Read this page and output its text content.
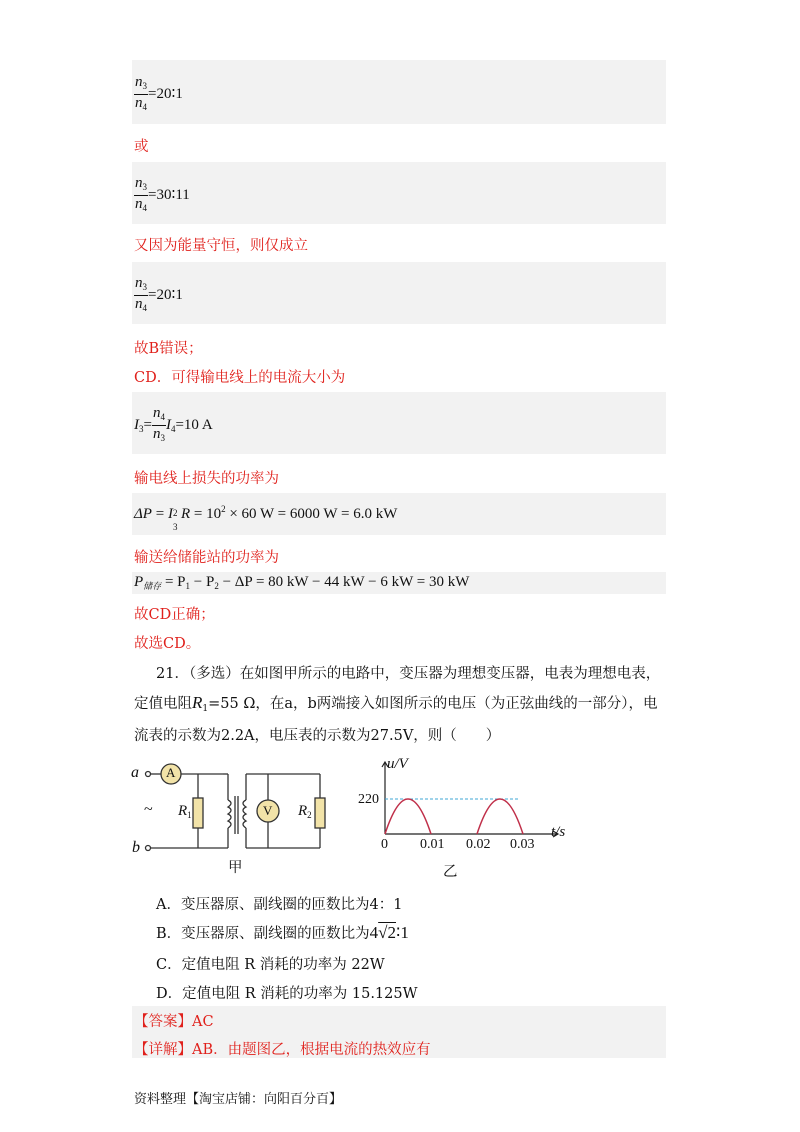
$\frac{n_3}{n_4}$ =20∶1
或
$\frac{n_3}{n_4}$ =30∶11
又因为能量守恒，则仅成立
$\frac{n_3}{n_4}$ =20∶1
故B错误；
CD．可得输电线上的电流大小为
$I_3= \frac{n_4}{n_3} I_4=10$ A
输电线上损失的功率为
ΔP = I 2
3
$R = 10^2 \times 60$ W = 6000 W = 6.0 kW
输送给储能站的功率为
$P_{储存} = P_1 - P_2 - \Delta P = 80$ kW − 44 kW − 6 kW = 30 kW
故CD正确；
故选CD。
21．（多选）在如图甲所示的电路中，变压器为理想变压器，电表为理想电表，
定值电阻$R_1=55$ Ω，在a，b两端接入如图所示的电压（为正弦曲线的一部分），电
流表的示数为2.2A，电压表的示数为27.5V，则（　　）
a
b
~
A
V
$R_1$	$R_2$
甲
u/V
t/s
220
0 0.01 0.02 0.03
乙
A．变压器原、副线圈的匝数比为4：1
B．变压器原、副线圈的匝数比为4√2∶1
C．定值电阻 R 消耗的功率为 22W
D．定值电阻 R 消耗的功率为 15.125W
【答案】AC
【详解】AB．由题图乙，根据电流的热效应有
资料整理【淘宝店铺：向阳百分百】
